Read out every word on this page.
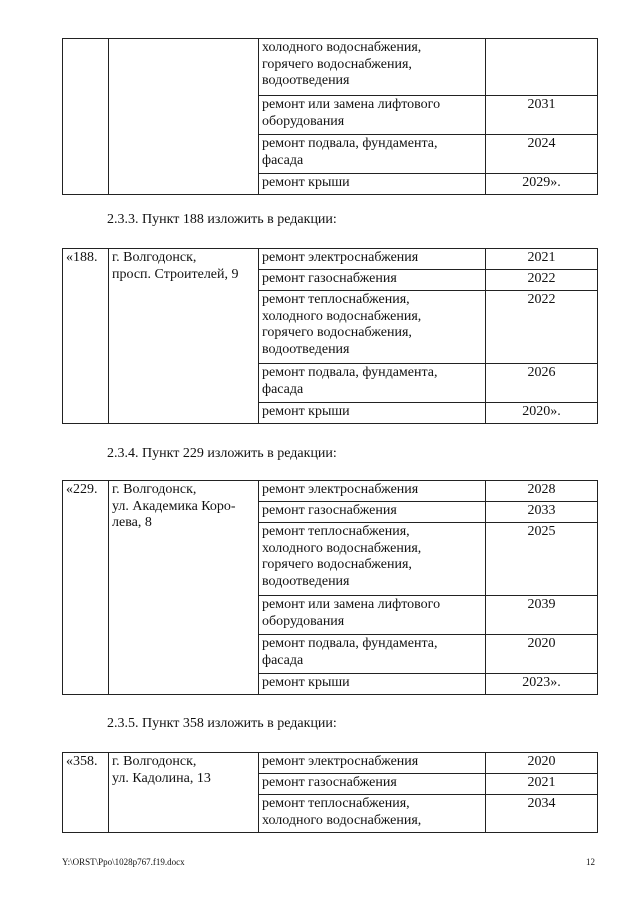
		холодного водоснабжения,
горячего водоснабжения,
водоотведения	
		ремонт или замена лифтового
оборудования	2031
		ремонт подвала, фундамента,
фасада	2024
		ремонт крыши	2029».

2.3.3. Пункт 188 изложить в редакции:

«188.	г. Волгодонск,
просп. Строителей, 9	ремонт электроснабжения	2021
		ремонт газоснабжения	2022
		ремонт теплоснабжения,
холодного водоснабжения,
горячего водоснабжения,
водоотведения	2022
		ремонт подвала, фундамента,
фасада	2026
		ремонт крыши	2020».

2.3.4. Пункт 229 изложить в редакции:

«229.	г. Волгодонск,
ул. Академика Коро-
лева, 8	ремонт электроснабжения	2028
		ремонт газоснабжения	2033
		ремонт теплоснабжения,
холодного водоснабжения,
горячего водоснабжения,
водоотведения	2025
		ремонт или замена лифтового
оборудования	2039
		ремонт подвала, фундамента,
фасада	2020
		ремонт крыши	2023».

2.3.5. Пункт 358 изложить в редакции:

«358.	г. Волгодонск,
ул. Кадолина, 13	ремонт электроснабжения	2020
		ремонт газоснабжения	2021
		ремонт теплоснабжения,
холодного водоснабжения,	2034
Y:\ORST\Ppo\1028p767.f19.docx	12
